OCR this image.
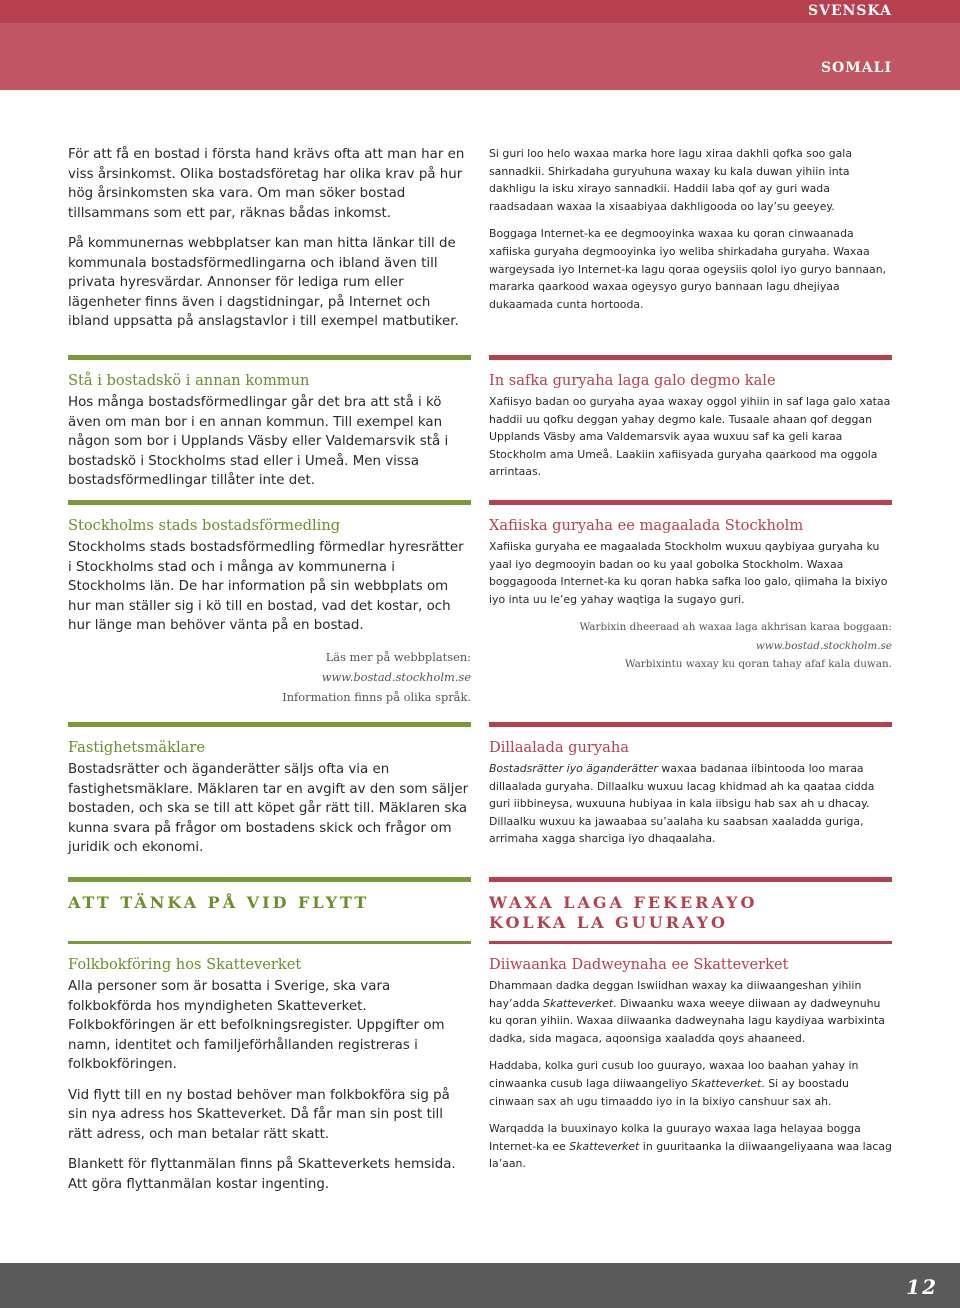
SVENSKA
SOMALI

För att få en bostad i första hand krävs ofta att man har en viss årsinkomst. Olika bostadsföretag har olika krav på hur hög årsinkomsten ska vara. Om man söker bostad tillsammans som ett par, räknas bådas inkomst.

På kommunernas webbplatser kan man hitta länkar till de kommunala bostadsförmedlingarna och ibland även till privata hyresvärdar. Annonser för lediga rum eller lägenheter finns även i dagstidningar, på Internet och ibland uppsatta på anslagstavlor i till exempel matbutiker.

Stå i bostadskö i annan kommun

Hos många bostadsförmedlingar går det bra att stå i kö även om man bor i en annan kommun. Till exempel kan någon som bor i Upplands Väsby eller Valdemarsvik stå i bostadskö i Stockholms stad eller i Umeå. Men vissa bostadsförmedlingar tillåter inte det.

Stockholms stads bostadsförmedling

Stockholms stads bostadsförmedling förmedlar hyresrätter i Stockholms stad och i många av kommunerna i Stockholms län. De har information på sin webbplats om hur man ställer sig i kö till en bostad, vad det kostar, och hur länge man behöver vänta på en bostad.

Läs mer på webbplatsen:
www.bostad.stockholm.se
Information finns på olika språk.
Fastighetsmäklare

Bostadsrätter och äganderätter säljs ofta via en fastighetsmäklare. Mäklaren tar en avgift av den som säljer bostaden, och ska se till att köpet går rätt till. Mäklaren ska kunna svara på frågor om bostadens skick och frågor om juridik och ekonomi.

ATT TÄNKA PÅ VID FLYTT
Folkbokföring hos Skatteverket

Alla personer som är bosatta i Sverige, ska vara folkbokförda hos myndigheten Skatteverket. Folkbokföringen är ett befolkningsregister. Uppgifter om namn, identitet och familjeförhållanden registreras i folkbokföringen.

Vid flytt till en ny bostad behöver man folkbokföra sig på sin nya adress hos Skatteverket. Då får man sin post till rätt adress, och man betalar rätt skatt.

Blankett för flyttanmälan finns på Skatteverkets hemsida. Att göra flyttanmälan kostar ingenting.

Si guri loo helo waxaa marka hore lagu xiraa dakhli qofka soo gala sannadkii. Shirkadaha guryuhuna waxay ku kala duwan yihiin inta dakhligu la isku xirayo sannadkii. Haddii laba qof ay guri wada raadsadaan waxaa la xisaabiyaa dakhligooda oo lay’su geeyey.

Boggaga Internet-ka ee degmooyinka waxaa ku qoran cinwaanada xafiiska guryaha degmooyinka iyo weliba shirkadaha guryaha. Waxaa wargeysada iyo Internet-ka lagu qoraa ogeysiis qolol iyo guryo bannaan, mararka qaarkood waxaa ogeysyo guryo bannaan lagu dhejiyaa dukaamada cunta hortooda.

In safka guryaha laga galo degmo kale

Xafiisyo badan oo guryaha ayaa waxay oggol yihiin in saf laga galo xataa haddii uu qofku deggan yahay degmo kale. Tusaale ahaan qof deggan Upplands Väsby ama Valdemarsvik ayaa wuxuu saf ka geli karaa Stockholm ama Umeå. Laakiin xafiisyada guryaha qaarkood ma oggola arrintaas.

Xafiiska guryaha ee magaalada Stockholm

Xafiiska guryaha ee magaalada Stockholm wuxuu qaybiyaa guryaha ku yaal iyo degmooyin badan oo ku yaal gobolka Stockholm. Waxaa boggagooda Internet-ka ku qoran habka safka loo galo, qiimaha la bixiyo iyo inta uu le’eg yahay waqtiga la sugayo guri.

Warbixin dheeraad ah waxaa laga akhrisan karaa boggaan:
www.bostad.stockholm.se
Warbixintu waxay ku qoran tahay afaf kala duwan.
Dillaalada guryaha

Bostadsrätter iyo äganderätter waxaa badanaa iibintooda loo maraa dillaalada guryaha. Dillaalku wuxuu lacag khidmad ah ka qaataa cidda guri iibbineysa, wuxuuna hubiyaa in kala iibsigu hab sax ah u dhacay. Dillaalku wuxuu ka jawaabaa su’aalaha ku saabsan xaaladda guriga, arrimaha xagga sharciga iyo dhaqaalaha.

WAXA LAGA FEKERAYO
KOLKA LA GUURAYO
Diiwaanka Dadweynaha ee Skatteverket

Dhammaan dadka deggan Iswiidhan waxay ka diiwaangeshan yihiin hay’adda Skatteverket. Diwaanku waxa weeye diiwaan ay dadweynuhu ku qoran yihiin. Waxaa diiwaanka dadweynaha lagu kaydiyaa warbixinta dadka, sida magaca, aqoonsiga xaaladda qoys ahaaneed.

Haddaba, kolka guri cusub loo guurayo, waxaa loo baahan yahay in cinwaanka cusub laga diiwaangeliyo Skatteverket. Si ay boostadu cinwaan sax ah ugu timaaddo iyo in la bixiyo canshuur sax ah.

Warqadda la buuxinayo kolka la guurayo waxaa laga helayaa bogga Internet-ka ee Skatteverket in guuritaanka la diiwaangeliyaana waa lacag la’aan.

12
